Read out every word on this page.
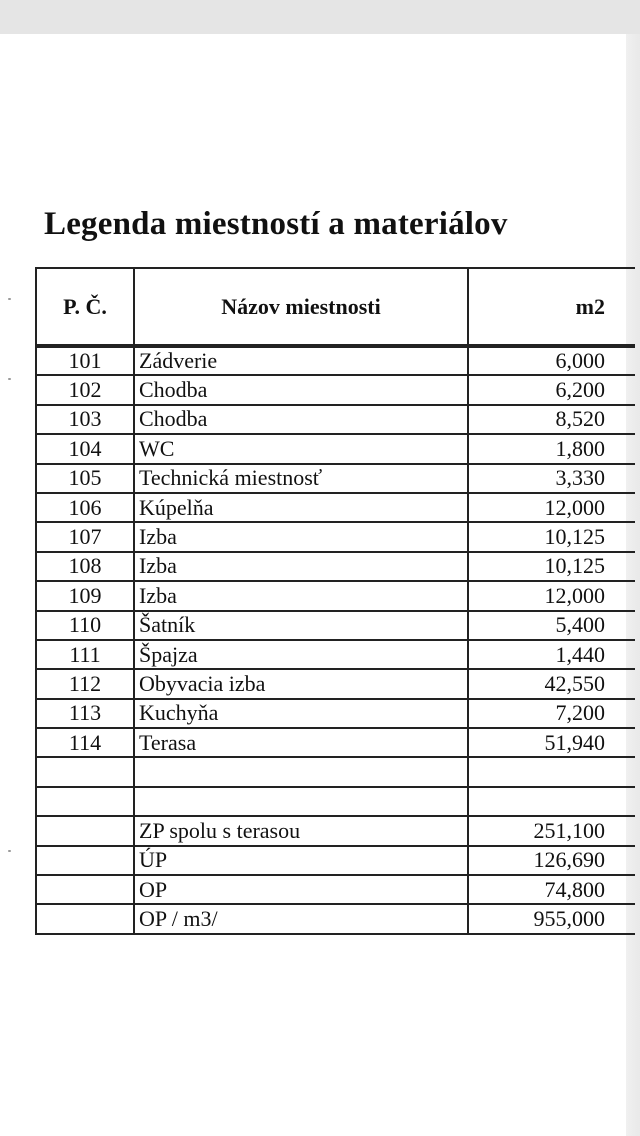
Legenda miestností a materiálov
P. Č.	Názov miestnosti	m2
101	Zádverie	6,000
102	Chodba	6,200
103	Chodba	8,520
104	WC	1,800
105	Technická miestnosť	3,330
106	Kúpelňa	12,000
107	Izba	10,125
108	Izba	10,125
109	Izba	12,000
110	Šatník	5,400
111	Špajza	1,440
112	Obyvacia izba	42,550
113	Kuchyňa	7,200
114	Terasa	51,940

	ZP spolu s terasou	251,100
	ÚP	126,690
	OP	74,800
	OP / m3/	955,000
